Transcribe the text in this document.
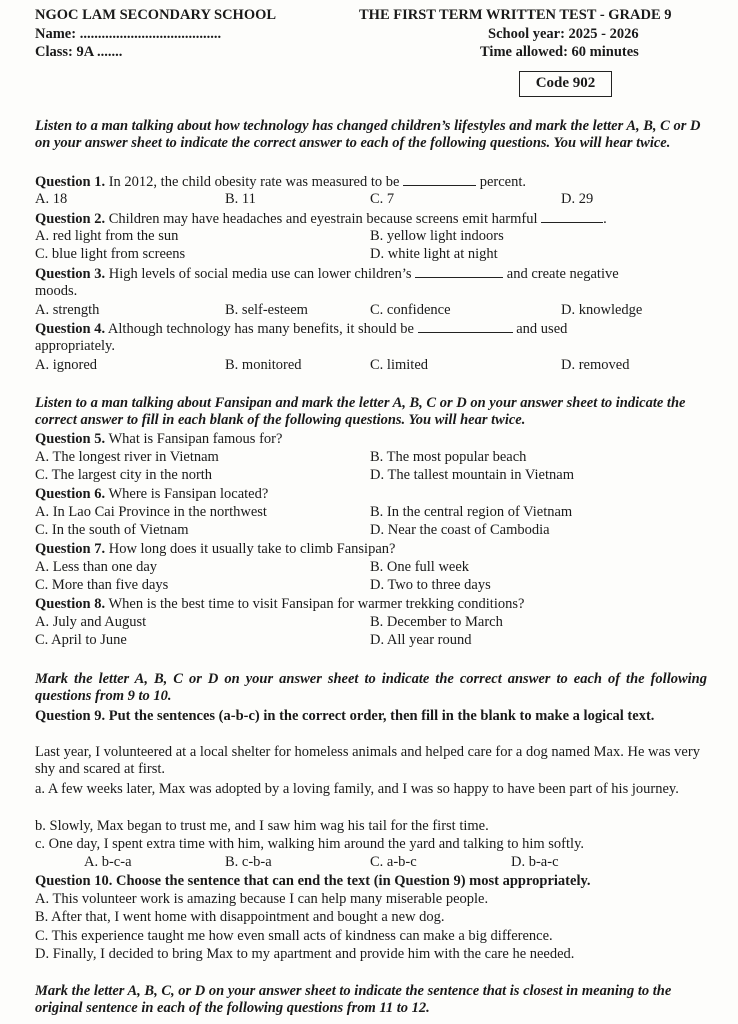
NGOC LAM SECONDARY SCHOOL	THE FIRST TERM WRITTEN TEST - GRADE 9
Name: .......................................	School year: 2025 - 2026
Class: 9A .......	Time allowed: 60 minutes
Code 902
Listen to a man talking about how technology has changed children’s lifestyles and mark the letter A, B, C or D on your answer sheet to indicate the correct answer to each of the following questions. You will hear twice.
Question 1. In 2012, the child obesity rate was measured to be	percent.
A. 18	B. 11	C. 7	D. 29
Question 2. Children may have headaches and eyestrain because screens emit harmful	.
A. red light from the sun	B. yellow light indoors
C. blue light from screens	D. white light at night
Question 3. High levels of social media use can lower children’s	and create negative
moods.
A. strength	B. self-esteem	C. confidence	D. knowledge
Question 4. Although technology has many benefits, it should be	and used
appropriately.
A. ignored	B. monitored	C. limited	D. removed
Listen to a man talking about Fansipan and mark the letter A, B, C or D on your answer sheet to indicate the correct answer to fill in each blank of the following questions. You will hear twice.
Question 5. What is Fansipan famous for?
A. The longest river in Vietnam	B. The most popular beach
C. The largest city in the north	D. The tallest mountain in Vietnam
Question 6. Where is Fansipan located?
A. In Lao Cai Province in the northwest	B. In the central region of Vietnam
C. In the south of Vietnam	D. Near the coast of Cambodia
Question 7. How long does it usually take to climb Fansipan?
A. Less than one day	B. One full week
C. More than five days	D. Two to three days
Question 8. When is the best time to visit Fansipan for warmer trekking conditions?
A. July and August	B. December to March
C. April to June	D. All year round
Mark the letter A, B, C or D on your answer sheet to indicate the correct answer to each of the following questions from 9 to 10.
Question 9. Put the sentences (a-b-c) in the correct order, then fill in the blank to make a logical text.
Last year, I volunteered at a local shelter for homeless animals and helped care for a dog named Max. He was very shy and scared at first.
a. A few weeks later, Max was adopted by a loving family, and I was so happy to have been part of his journey.
b. Slowly, Max began to trust me, and I saw him wag his tail for the first time.
c. One day, I spent extra time with him, walking him around the yard and talking to him softly.
A. b-c-a	B. c-b-a	C. a-b-c	D. b-a-c
Question 10. Choose the sentence that can end the text (in Question 9) most appropriately.
A. This volunteer work is amazing because I can help many miserable people.
B. After that, I went home with disappointment and bought a new dog.
C. This experience taught me how even small acts of kindness can make a big difference.
D. Finally, I decided to bring Max to my apartment and provide him with the care he needed.
Mark the letter A, B, C, or D on your answer sheet to indicate the sentence that is closest in meaning to the original sentence in each of the following questions from 11 to 12.
